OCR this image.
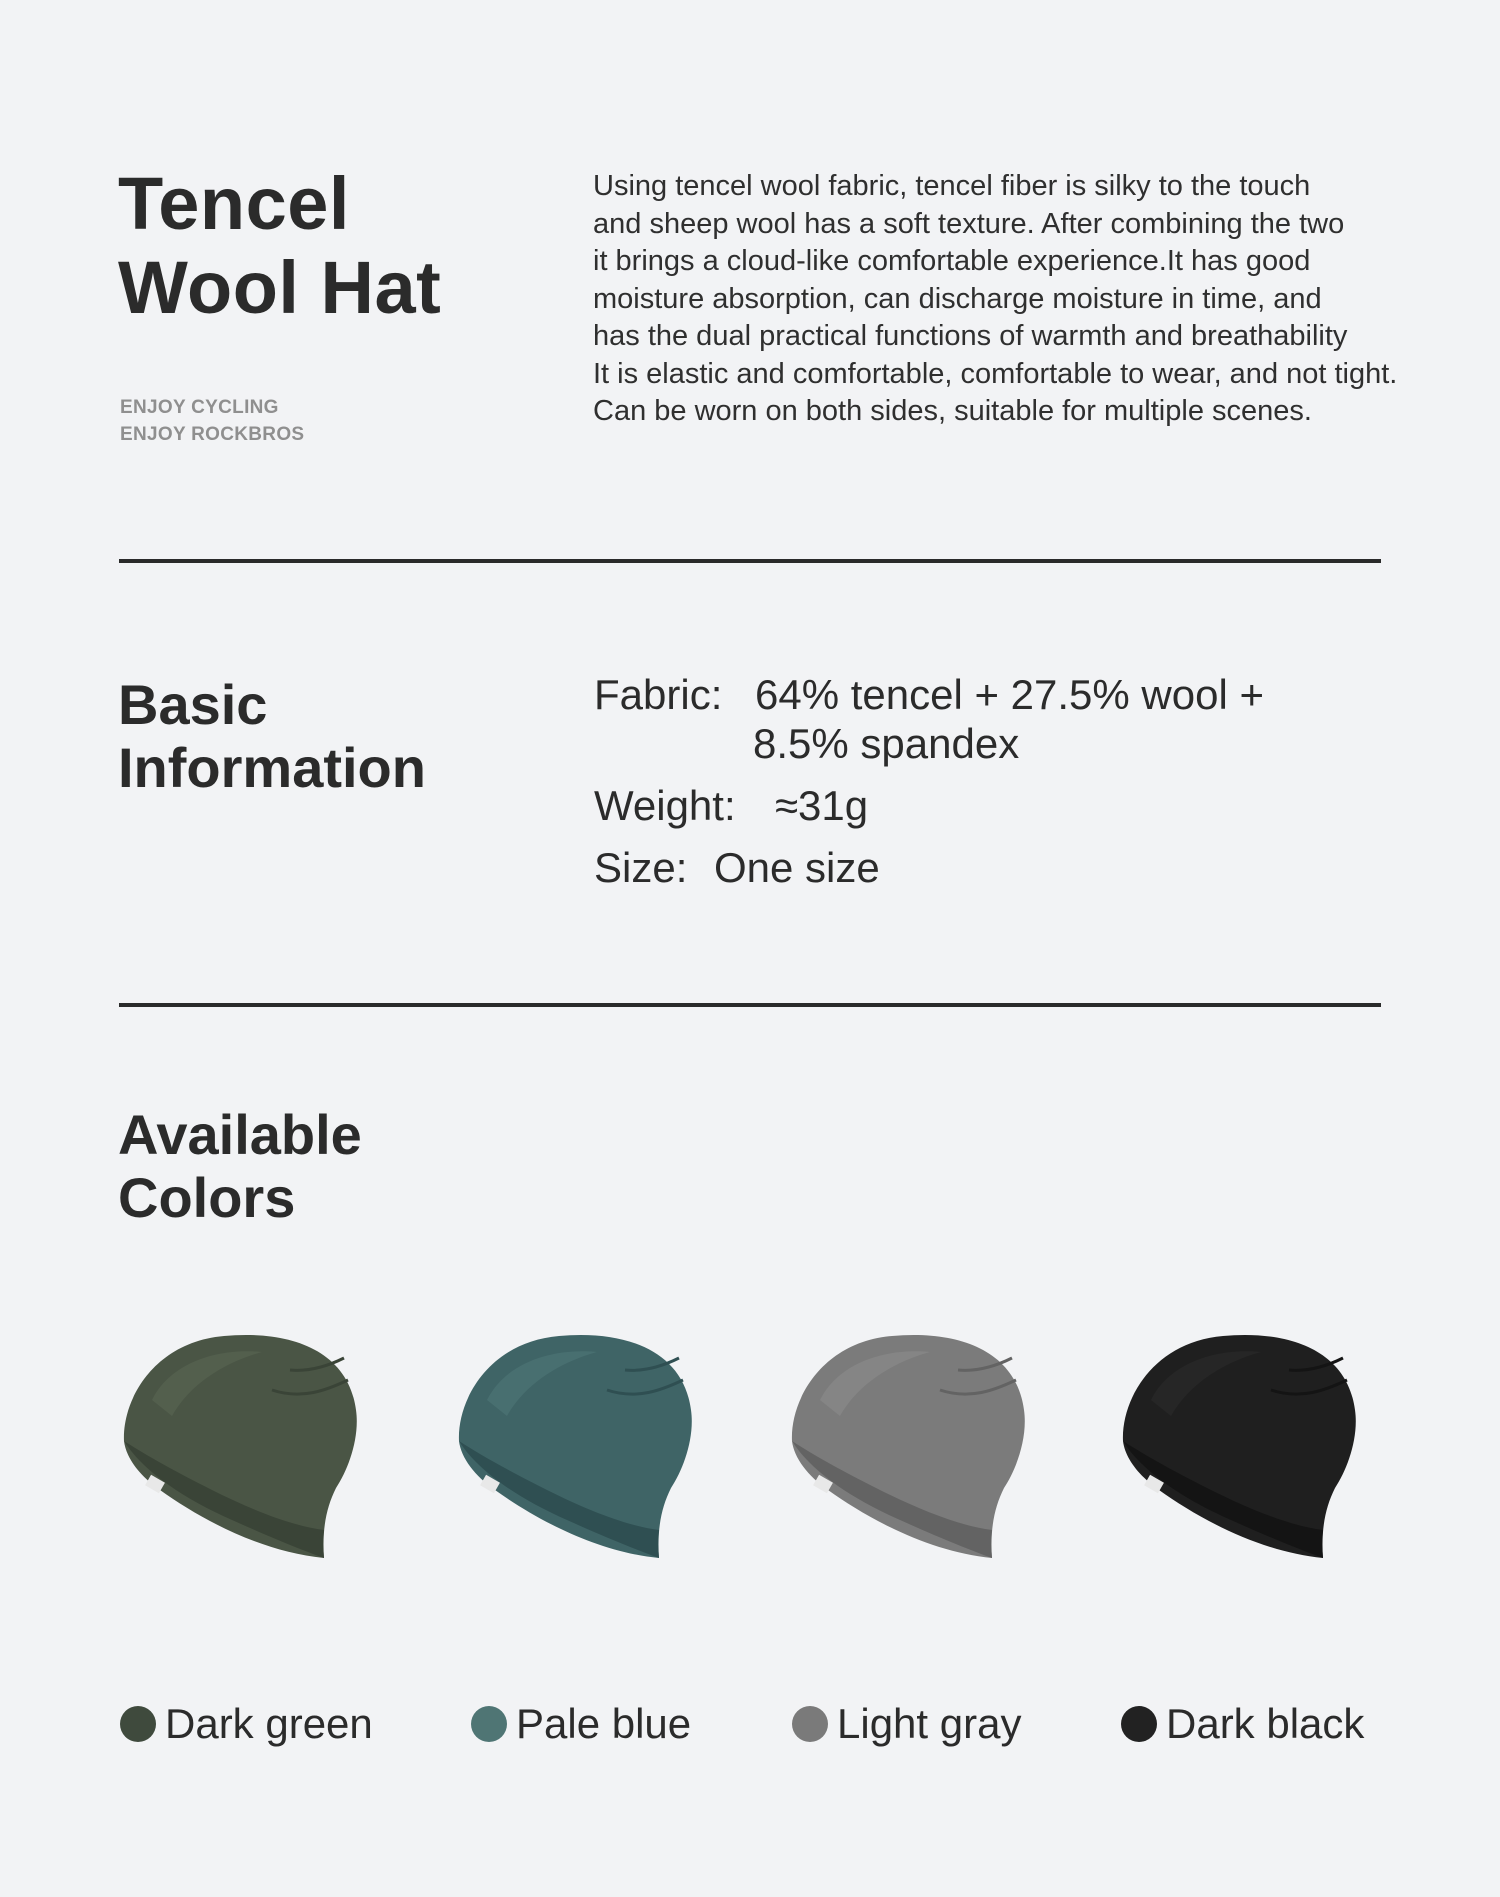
Tencel
Wool Hat
ENJOY CYCLING
ENJOY ROCKBROS
Using tencel wool fabric, tencel fiber is silky to the touch
and sheep wool has a soft texture. After combining the two
it brings a cloud-like comfortable experience.It has good
moisture absorption, can discharge moisture in time, and
has the dual practical functions of warmth and breathability
It is elastic and comfortable, comfortable to wear, and not tight.
Can be worn on both sides, suitable for multiple scenes.
Basic
Information
Fabric: 64% tencel + 27.5% wool +
8.5% spandex
Weight: ≈31g
Size: One size
Available
Colors
Dark green	Pale blue	Light gray	Dark black
